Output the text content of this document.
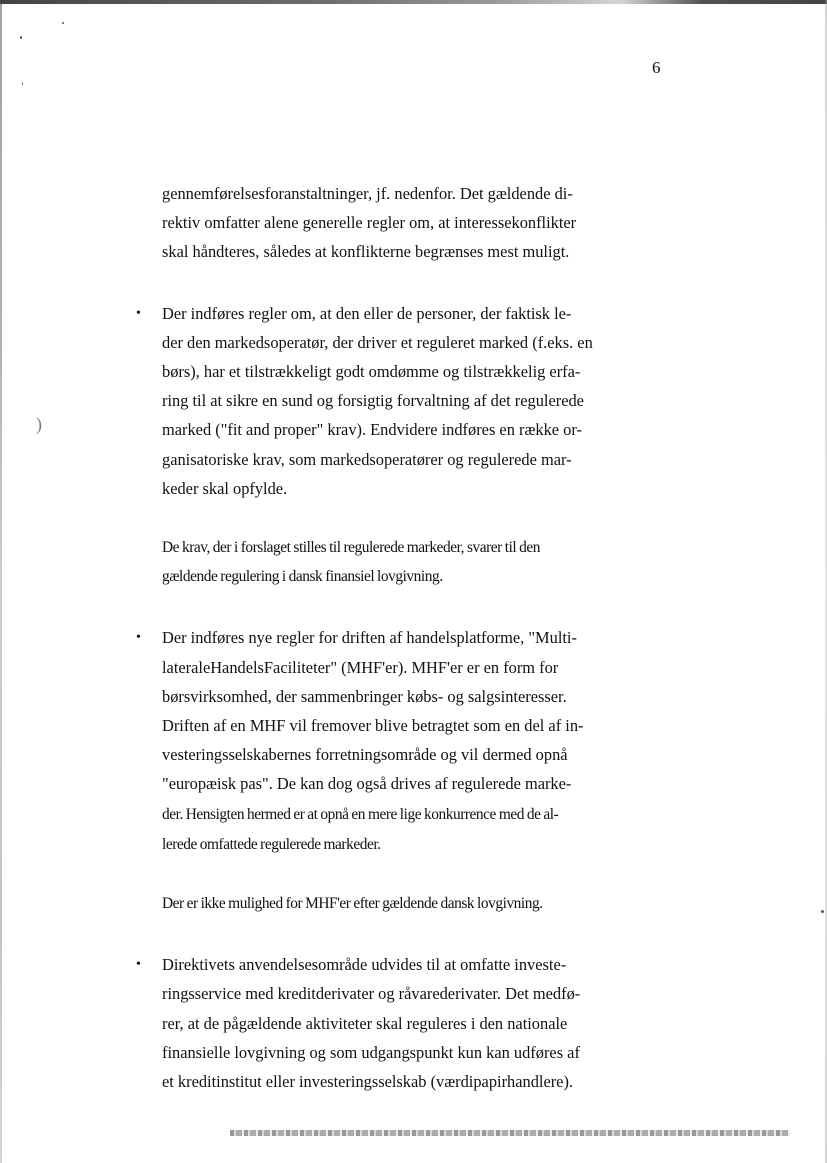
)
6

gennemførelsesforanstaltninger, jf. nedenfor. Det gældende di-
rektiv omfatter alene generelle regler om, at interessekonflikter
skal håndteres, således at konflikterne begrænses mest muligt.

• Der indføres regler om, at den eller de personer, der faktisk le-
der den markedsoperatør, der driver et reguleret marked (f.eks. en
børs), har et tilstrækkeligt godt omdømme og tilstrækkelig erfa-
ring til at sikre en sund og forsigtig forvaltning af det regulerede
marked ("fit and proper" krav). Endvidere indføres en række or-
ganisatoriske krav, som markedsoperatører og regulerede mar-
keder skal opfylde.

De krav, der i forslaget stilles til regulerede markeder, svarer til den
gældende regulering i dansk finansiel lovgivning.

• Der indføres nye regler for driften af handelsplatforme, "Multi-
lateraleHandelsFaciliteter" (MHF'er). MHF'er er en form for
børsvirksomhed, der sammenbringer købs- og salgsinteresser.
Driften af en MHF vil fremover blive betragtet som en del af in-
vesteringsselskabernes forretningsområde og vil dermed opnå
"europæisk pas". De kan dog også drives af regulerede marke-
der. Hensigten hermed er at opnå en mere lige konkurrence med de al-
lerede omfattede regulerede markeder.

Der er ikke mulighed for MHF'er efter gældende dansk lovgivning.

• Direktivets anvendelsesområde udvides til at omfatte investe-
ringsservice med kreditderivater og råvarederivater. Det medfø-
rer, at de pågældende aktiviteter skal reguleres i den nationale
finansielle lovgivning og som udgangspunkt kun kan udføres af
et kreditinstitut eller investeringsselskab (værdipapirhandlere).
